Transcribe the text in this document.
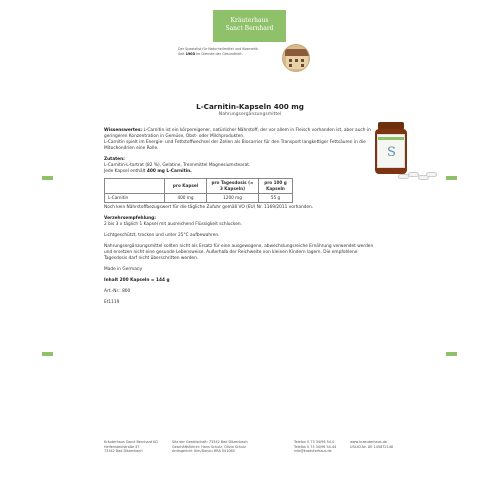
Kräuterhaus
Sanct Bernhard
Der Spezialist für Naturheilmittel und Kosmetik.
Seit 1903 im Dienste der Gesundheit.
L-Carnitin-Kapseln 400 mg
Nahrungsergänzungsmittel
S
Wissenswertes: L-Carnitin ist ein körpereigener, natürlicher Nährstoff, der vor allem in Fleisch vorhanden ist, aber auch in geringeren Konzentration in Gemüse, Obst- oder Milchprodukten.
L-Carnitin spielt im Energie- und Fettstoffwechsel der Zellen als Biocarrier für den Transport langkettiger Fettsäuren in die Mitochondrien eine Rolle.
Zutaten:
L-Carnitin-L-tartrat (82 %), Gelatine, Trennmittel Magnesiumstearat.
Jede Kapsel enthält 400 mg L-Carnitin.
	pro Kapsel	pro Tagesdosis (= 3 Kapseln)	pro 100 g Kapseln
L-Carnitin	400 mg	1200 mg	55 g
Noch kein Nährstoffbezugswert für die tägliche Zufuhr gemäß VO (EU) Nr. 1169/2011 vorhanden.
Verzehrsempfehlung:
2 bis 3 x täglich 1 Kapsel mit ausreichend Flüssigkeit schlucken.
Lichtgeschützt, trocken und unter 25°C aufbewahren.
Nahrungsergänzungsmittel sollten nicht als Ersatz für eine ausgewogene, abwechslungsreiche Ernährung verwendet werden und ersetzen nicht eine gesunde Lebensweise. Außerhalb der Reichweite von kleinen Kindern lagern. Die empfohlene Tagesdosis darf nicht überschritten werden.
Made in Germany
Inhalt 200 Kapseln = 144 g
Art.-Nr.: 800
Et1119
Kräuterhaus Sanct Bernhard KG
Helfensteinstraße 47
73342 Bad Ditzenbach
Sitz der Gesellschaft: 73342 Bad Ditzenbach
Geschäftsführer: Hans Schulz, Olivia Schulz
Amtsgericht Ulm/Donau HRA 541060
Telefon 0 73 34/96 54-0
Telefax 0 73 34/96 54-44
info@kraeuterhaus.de
www.kraeuterhaus.de
USt-ID-Nr. DE 145872148
